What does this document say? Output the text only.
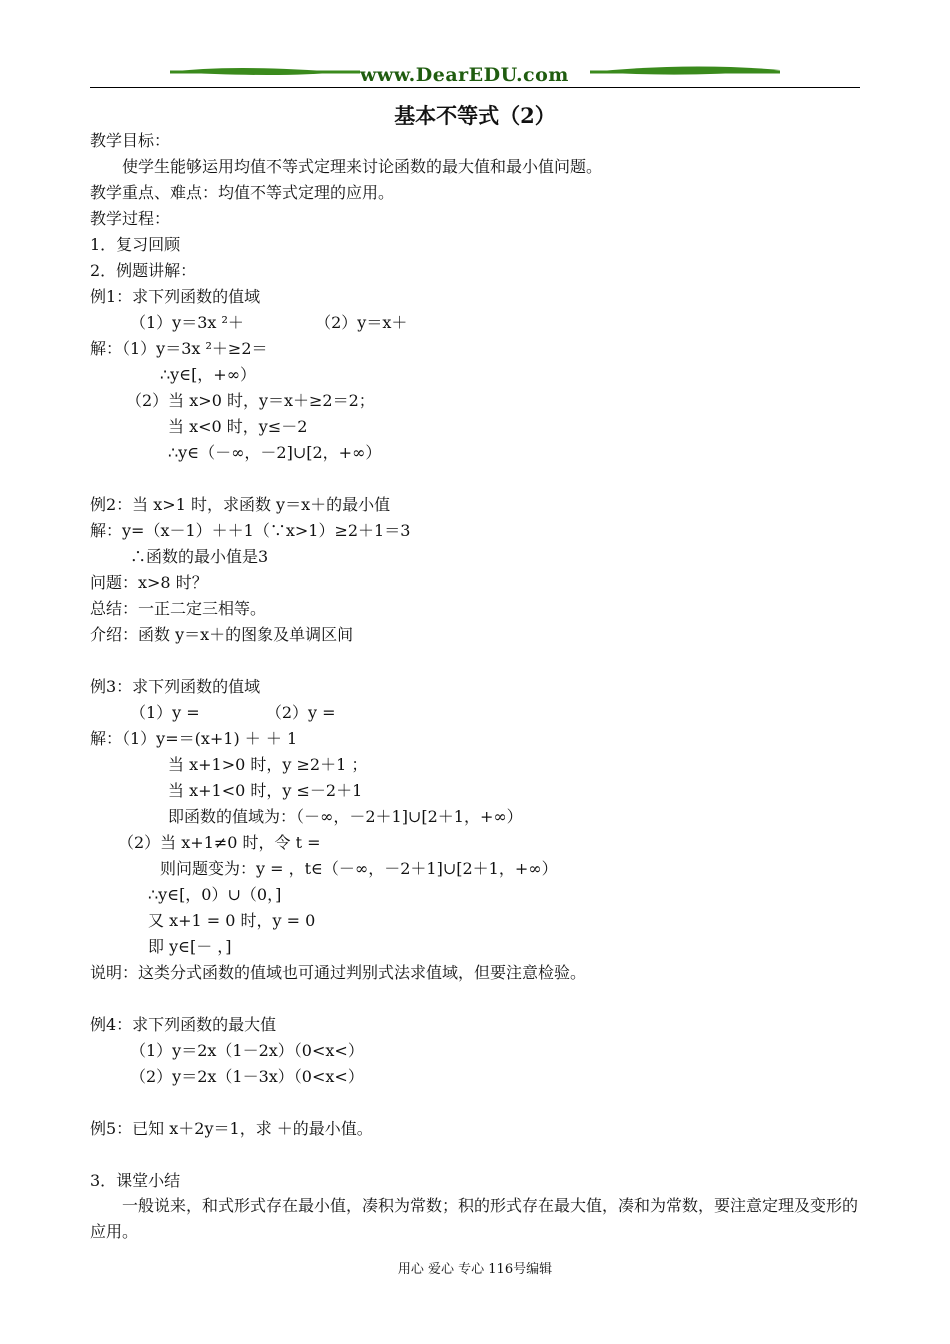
www.DearEDU.com
基本不等式（2）
教学目标：
使学生能够运用均值不等式定理来讨论函数的最大值和最小值问题。
教学重点、难点：均值不等式定理的应用。
教学过程：
1．复习回顾
2．例题讲解：
例1：求下列函数的值域
（1）y＝3x ²＋              （2）y＝x＋
解：（1）y＝3x ²＋≥2＝
∴y∈[，+∞）
（2）当 x>0 时，y＝x＋≥2＝2；
当 x<0 时，y≤－2
∴y∈（－∞，－2]∪[2，+∞）
例2：当 x>1 时，求函数 y＝x＋的最小值
解：y=（x－1）＋＋1（∵x>1）≥2＋1＝3
∴函数的最小值是3
问题：x>8 时？
总结：一正二定三相等。
介绍：函数 y＝x＋的图象及单调区间
例3：求下列函数的值域
（1）y =             （2）y =
解：（1）y=＝(x+1) ＋ ＋ 1
当 x+1>0 时，y ≥2＋1 ；
当 x+1<0 时，y ≤－2＋1
即函数的值域为：（－∞，－2＋1]∪[2＋1，+∞）
（2）当 x+1≠0 时，令 t =
则问题变为：y = ，t∈（－∞，－2＋1]∪[2＋1，+∞）
∴y∈[，0）∪（0，]
又 x+1 = 0 时，y = 0
即 y∈[－ ，]
说明：这类分式函数的值域也可通过判别式法求值域，但要注意检验。
例4：求下列函数的最大值
（1）y＝2x（1－2x）（0<x<）
（2）y＝2x（1－3x）（0<x<）
例5：已知 x＋2y＝1，求 ＋的最小值。
3．课堂小结
一般说来，和式形式存在最小值，凑积为常数；积的形式存在最大值，凑和为常数，要注意定理及变形的应用。
用心 爱心 专心 116号编辑
